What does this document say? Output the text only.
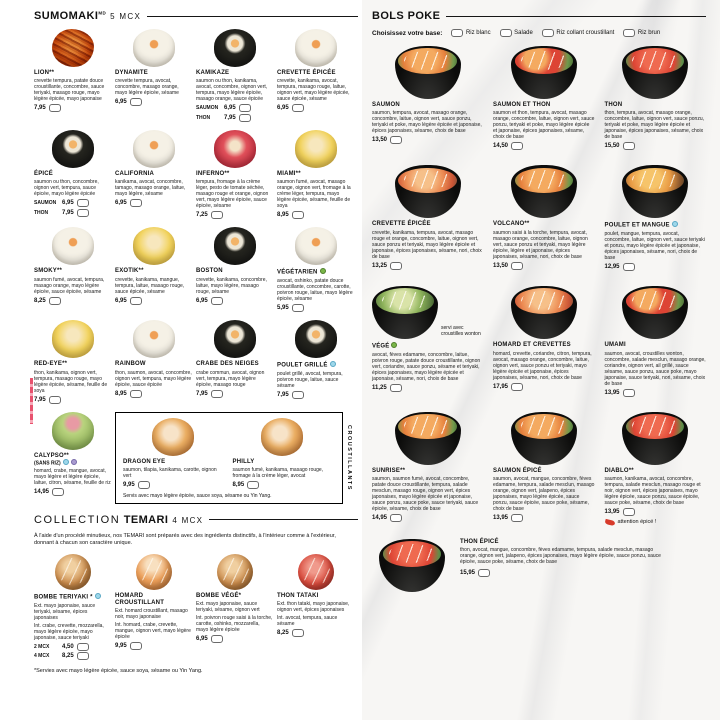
$SUMOMAKI^{MD}$ 5 MCX
LION**
crevette tempura, patate douce croustillante, concombre, sauce teriyaki, masago rouge, mayo légère épicée, mayo japonaise
7,95
DYNAMITE
crevette tempura, avocat, concombre, masago orange, mayo légère épicée, sésame
6,95
KAMIKAZE
saumon ou thon, kanikama, avocat, concombre, oignon vert, tempura, mayo légère épicée, masago orange, sauce épicée
SAUMON 6,95
THON	7,95
CREVETTE ÉPICÉE
crevette, kanikama, avocat, tempura, masago rouge, laitue, oignon vert, mayo légère épicée, sauce épicée, sésame
6,95
ÉPICÉ
saumon ou thon, concombre, oignon vert, tempura, sauce épicée, mayo légère épicée
SAUMON 6,95
THON	7,95
CALIFORNIA
kanikama, avocat, concombre, tamago, masago orange, laitue, mayo légère, sésame
6,95
INFERNO**
tempura, fromage à la crème léger, pesto de tomate séchée, masago rouge et orange, oignon vert, mayo légère épicée, sauce épicée, sésame
7,25
MIAMI**
saumon fumé, avocat, masago orange, oignon vert, fromage à la crème léger, tempura, mayo légère épicée, sésame, feuille de soya
8,95
SMOKY**
saumon fumé, avocat, tempura, masago orange, mayo légère épicée, sauce épicée, sésame
8,25
EXOTIK**
crevette, kanikama, mangue, tempura, laitue, masago rouge, sauce épicée, sésame
6,95
BOSTON
crevette, kanikama, concombre, laitue, mayo légère, masago rouge, sésame
6,95
VÉGÉTARIEN
avocat, oshinko, patate douce croustillante, concombre, carotte, poivron rouge, laitue, mayo légère épicée, sésame
5,95
RED-EYE**
thon, kanikama, oignon vert, tempura, masago rouge, mayo légère épicée, sésame, feuille de soya
7,95
RAINBOW
thon, saumon, avocat, concombre, oignon vert, tempura, mayo légère épicée, sauce épicée
8,95
CRABE DES NEIGES
crabe commun, avocat, oignon vert, tempura, mayo légère épicée, masago rouge
7,95
POULET GRILLÉ
poulet grillé, avocat, tempura, poivron rouge, laitue, sauce sésame
7,95
CALYPSO**
(SANS RIZ)
homard, crabe, mangue, avocat, mayo légère et légère épicée, laitue, citron, sésame, feuille de riz
14,95
DRAGON EYE
saumon, tilapia, kanikama, carotte, oignon vert
9,95
PHILLY
saumon fumé, kanikama, masago rouge, fromage à la crème léger, avocat
8,95
Servis avec mayo légère épicée, sauce soya, sésame ou Yin Yang.
CROUSTILLANTS
COLLECTION TEMARI 4 MCX

À l'aide d'un procédé minutieux, nos TEMARI sont préparés avec des ingrédients distinctifs, à l'intérieur comme à l'extérieur, donnant à chacun son caractère unique.

BOMBE TERIYAKI *
Ext. mayo japonaise, sauce teriyaki, sésame, épices japonaises
Int. crabe, crevette, mozzarella, mayo légère épicée, mayo japonaise, sauce teriyaki
2 MCX	4,50
4 MCX	8,25
HOMARD CROUSTILLANT
Ext. homard croustillant, masago noir, mayo japonaise
Int. homard, crabe, crevette, mangue, oignon vert, mayo légère épicée
9,95
BOMBE VÉGÉ*
Ext. mayo japonaise, sauce teriyaki, sésame, oignon vert
Int. poivron rouge saisi à la torche, carotte, oshinko, mozzarella, mayo légère épicée
6,95
THON TATAKI
Ext. thon tataki, mayo japonaise, oignon vert, épices japonaises
Int. avocat, tempura, sauce sésame
8,25

*Servies avec mayo légère épicée, sauce soya, sésame ou Yin Yang.

BOLS POKE
Choisissez votre base:	Riz blanc	Salade	Riz collant croustillant	Riz brun
SAUMON
saumon, tempura, avocat, masago orange, concombre, laitue, oignon vert, sauce ponzu, teriyaki et poke, mayo légère épicée et japonaise, épices japonaises, sésame, choix de base
13,50
SAUMON ET THON
saumon et thon, tempura, avocat, masago orange, concombre, laitue, oignon vert, sauce ponzu, teriyaki et poke, mayo légère épicée et japonaise, épices japonaises, sésame, choix de base
14,50
THON
thon, tempura, avocat, masago orange, concombre, laitue, oignon vert, sauce ponzu, teriyaki et poke, mayo légère épicée et japonaise, épices japonaises, sésame, choix de base
15,50
CREVETTE ÉPICÉE
crevette, kanikama, tempura, avocat, masago rouge et orange, concombre, laitue, oignon vert, sauce ponzu et teriyaki, mayo légère épicée et japonaise, épices japonaises, sésame, nori, choix de base
13,25
VOLCANO**
saumon saisi à la torche, tempura, avocat, masago orange, concombre, laitue, oignon vert, sauce ponzu et teriyaki, mayo légère épicée, légère et japonaise, épices japonaises, sésame, nori, choix de base
13,50
POULET ET MANGUE
poulet, mangue, tempura, avocat, concombre, laitue, oignon vert, sauce teriyaki et ponzu, mayo légère épicée et japonaise, épices japonaises, sésame, nori, choix de base
12,95
servi avec croustilles wonton
VÉGÉ
avocat, fèves edamame, concombre, laitue, poivron rouge, patate douce croustillante, oignon vert, coriandre, sauce ponzu, sésame et teriyaki, épices japonaises, mayo légère épicée et japonaise, sésame, nori, choix de base
11,25
HOMARD ET CREVETTES
homard, crevette, coriandre, citron, tempura, avocat, masago orange, concombre, laitue, oignon vert, sauce ponzu et teriyaki, mayo légère épicée et japonaise, épices japonaises, sésame, nori, choix de base
17,95
UMAMI
saumon, avocat, croustilles wonton, concombre, salade mesclun, masago orange, coriandre, oignon vert, ail grillé, sauce sésame, sauce ponzu, sauce poke, mayo japonaise, sauce teriyaki, nori, sésame, choix de base
13,95
SUNRISE**
saumon, saumon fumé, avocat, concombre, patate douce croustillante, tempura, salade mesclun, masago rouge, oignon vert, épices japonaises, mayo légère épicée et japonaise, sauce ponzu, sauce poke, sauce teriyaki, sauce épicée, sésame, choix de base
14,95
SAUMON ÉPICÉ
saumon, avocat, mangue, concombre, fèves edamame, tempura, salade mesclun, masago orange, oignon vert, jalapeno, épices japonaises, mayo légère épicée, sauce ponzu, sauce épicée, sauce poke, sésame, choix de base
13,95
DIABLO**
saumon, kanikama, avocat, concombre, tempura, salade mesclun, masago rouge et noir, oignon vert, épices japonaises, mayo légère épicée, sauce ponzu, sauce épicée, sauce poke, sésame, choix de base
13,95
attention épicé !
THON ÉPICÉ
thon, avocat, mangue, concombre, fèves edamame, tempura, salade mesclun, masago orange, oignon vert, jalapeno, épices japonaises, mayo légère épicée, sauce ponzu, sauce épicée, sauce poke, sésame, choix de base
15,95
